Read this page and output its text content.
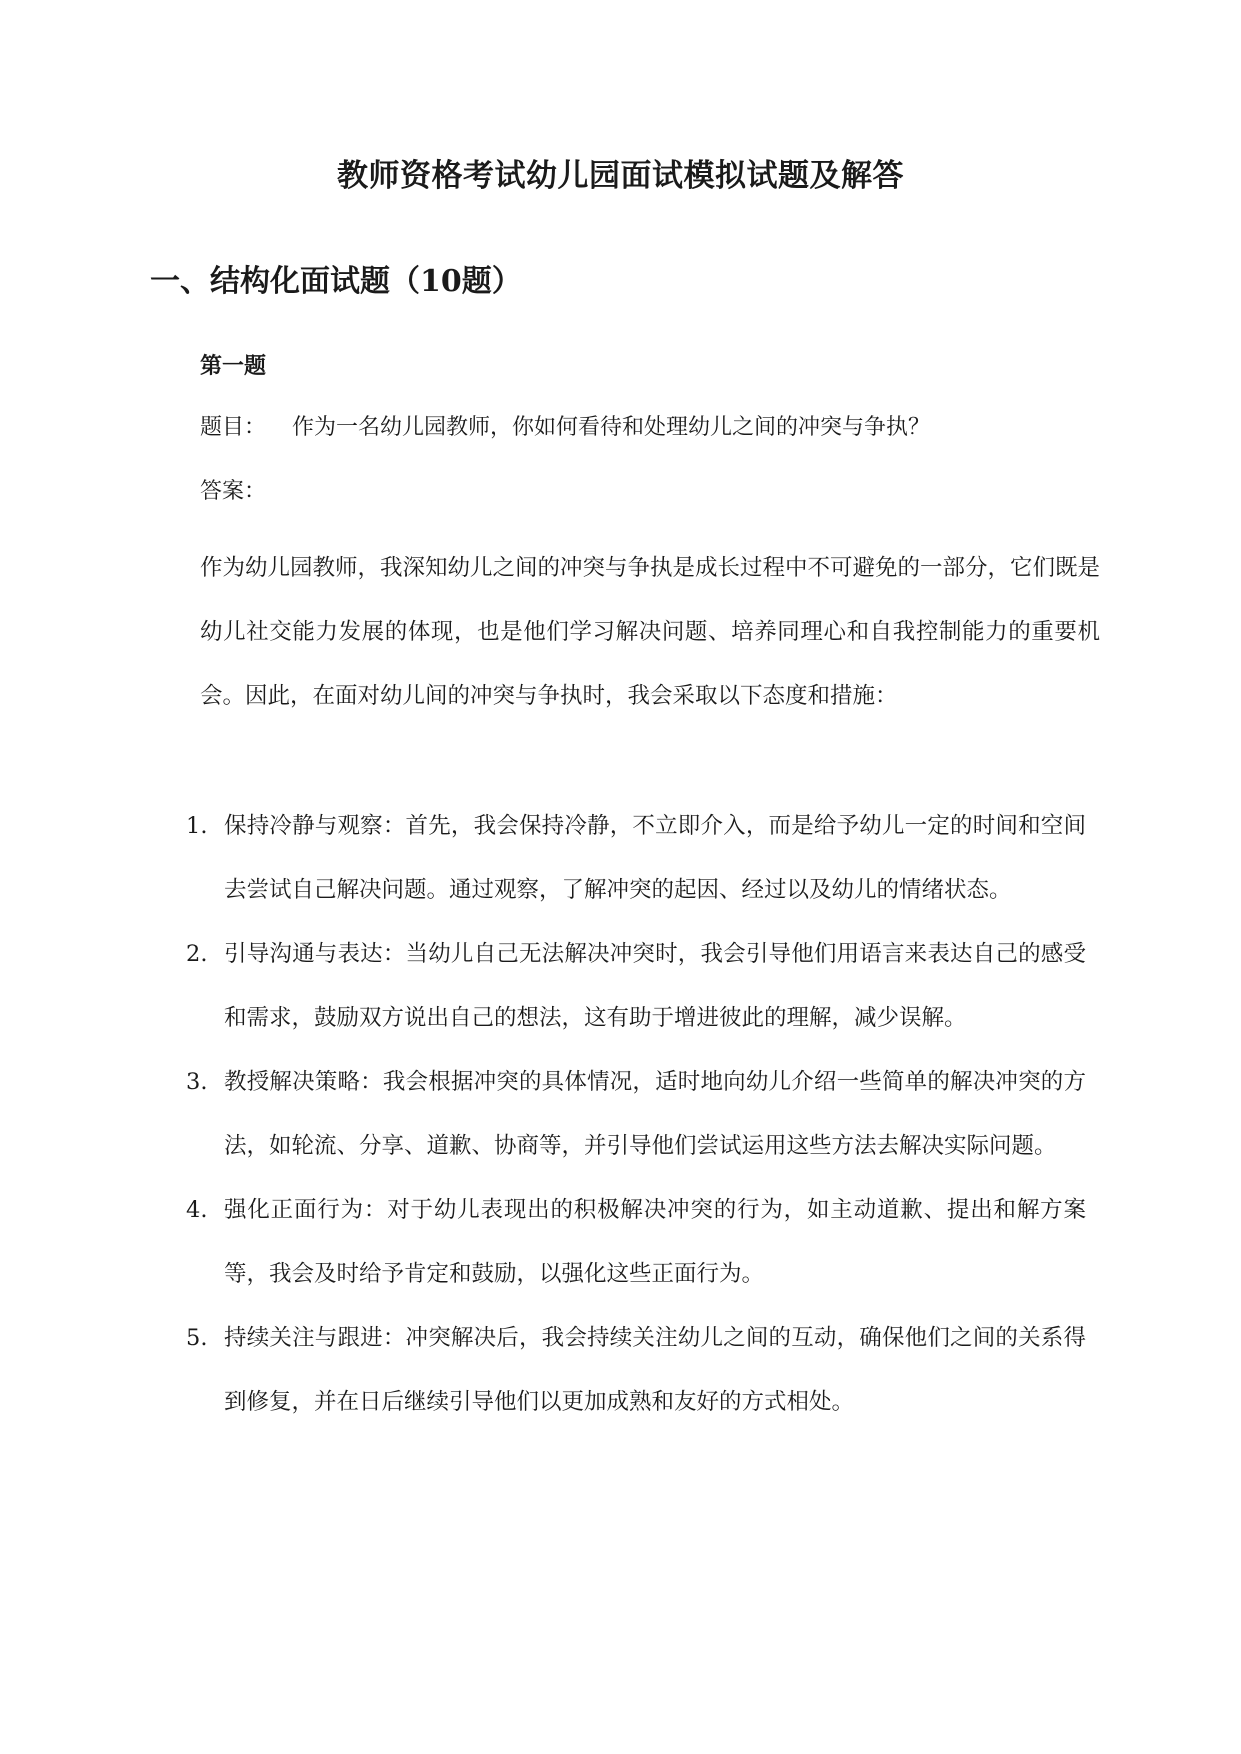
教师资格考试幼儿园面试模拟试题及解答
一、结构化面试题（10题）
第一题
题目： 作为一名幼儿园教师，你如何看待和处理幼儿之间的冲突与争执？
答案：

作为幼儿园教师，我深知幼儿之间的冲突与争执是成长过程中不可避免的一部分，它们既是幼儿社交能力发展的体现，也是他们学习解决问题、培养同理心和自我控制能力的重要机会。因此，在面对幼儿间的冲突与争执时，我会采取以下态度和措施：

1. 保持冷静与观察：首先，我会保持冷静，不立即介入，而是给予幼儿一定的时间和空间去尝试自己解决问题。通过观察，了解冲突的起因、经过以及幼儿的情绪状态。
2. 引导沟通与表达：当幼儿自己无法解决冲突时，我会引导他们用语言来表达自己的感受和需求，鼓励双方说出自己的想法，这有助于增进彼此的理解，减少误解。
3. 教授解决策略：我会根据冲突的具体情况，适时地向幼儿介绍一些简单的解决冲突的方法，如轮流、分享、道歉、协商等，并引导他们尝试运用这些方法去解决实际问题。
4. 强化正面行为：对于幼儿表现出的积极解决冲突的行为，如主动道歉、提出和解方案等，我会及时给予肯定和鼓励，以强化这些正面行为。
5. 持续关注与跟进：冲突解决后，我会持续关注幼儿之间的互动，确保他们之间的关系得到修复，并在日后继续引导他们以更加成熟和友好的方式相处。
